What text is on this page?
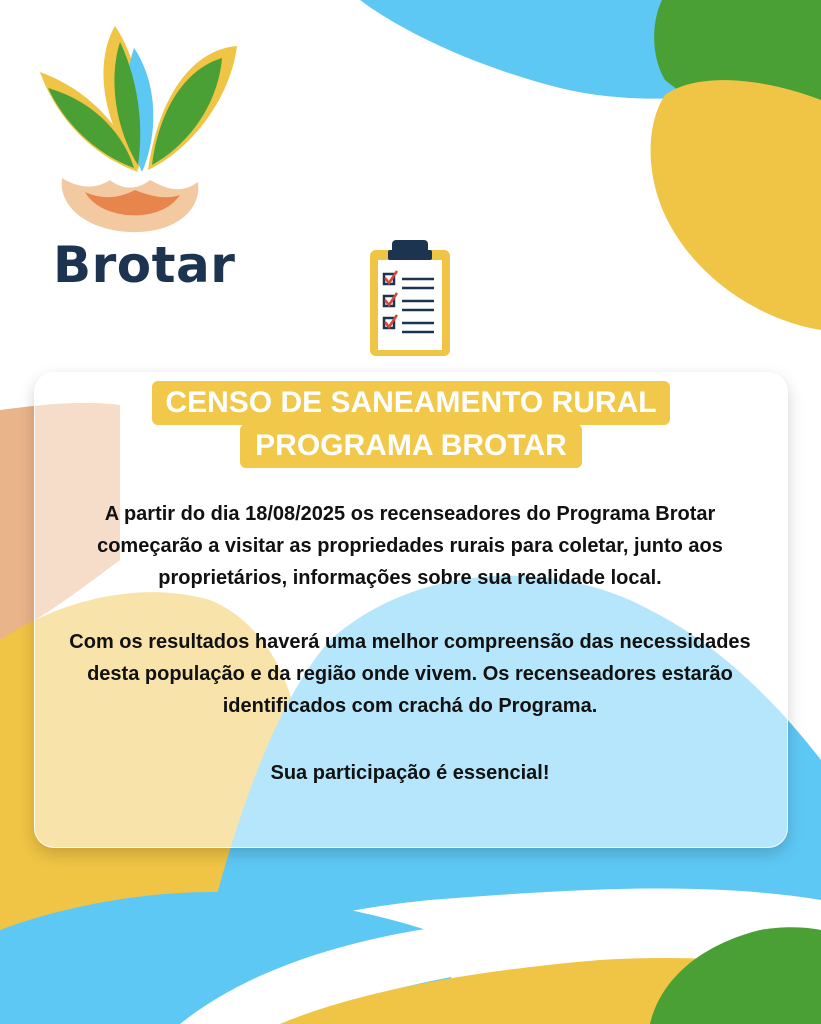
Brotar
CENSO DE SANEAMENTO RURAL
PROGRAMA BROTAR
A partir do dia 18/08/2025 os recenseadores do Programa Brotar começarão a visitar as propriedades rurais para coletar, junto aos proprietários, informações sobre sua realidade local.
Com os resultados haverá uma melhor compreensão das necessidades desta população e da região onde vivem. Os recenseadores estarão identificados com crachá do Programa.
Sua participação é essencial!
